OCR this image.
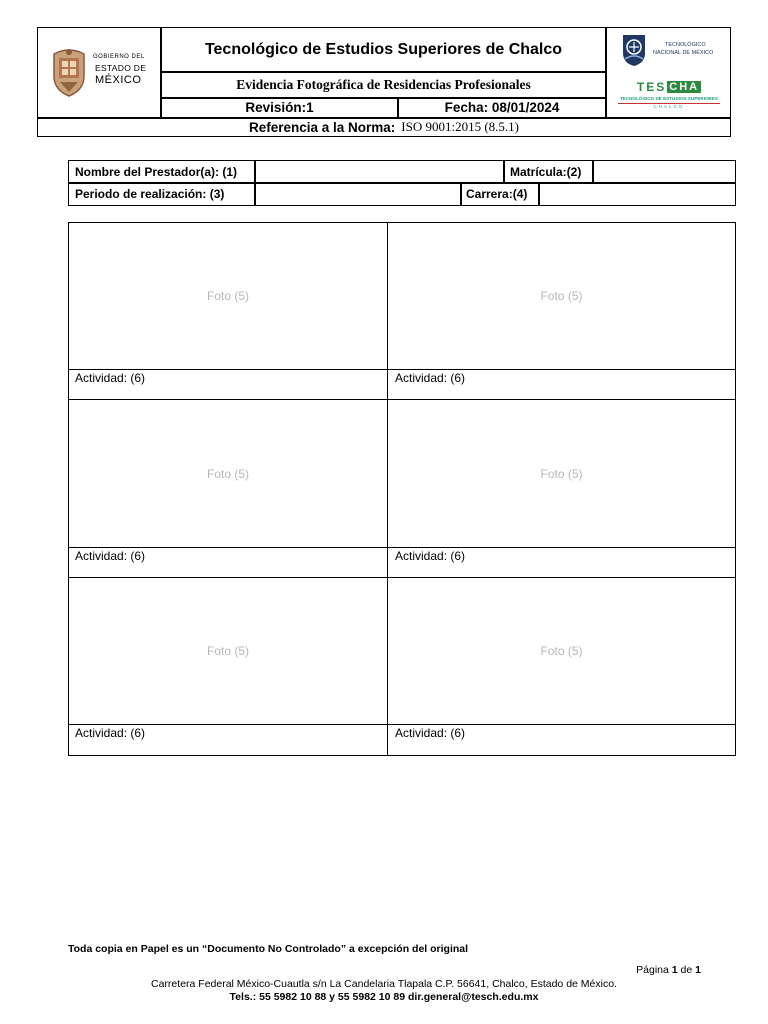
GOBIERNO DEL
ESTADO DE
MÉXICO
Tecnológico de Estudios Superiores de Chalco
Evidencia Fotográfica de Residencias Profesionales
Revisión:1	Fecha: 08/01/2024
Referencia a la Norma: ISO 9001:2015 (8.5.1)
TECNOLÓGICO
NACIONAL DE MÉXICO
TES CHA
TECNOLÓGICO DE ESTUDIOS SUPERIORES
CHALCO
Nombre del Prestador(a): (1)	Matrícula:(2)
Periodo de realización: (3)	Carrera:(4)
Foto (5)	Foto (5)
Actividad: (6)	Actividad: (6)
Foto (5)	Foto (5)
Actividad: (6)	Actividad: (6)
Foto (5)	Foto (5)
Actividad: (6)	Actividad: (6)
Toda copia en Papel es un “Documento No Controlado” a excepción del original
Página 1 de 1
Carretera Federal México-Cuautla s/n La Candelaria Tlapala C.P. 56641, Chalco, Estado de México.
Tels.: 55 5982 10 88 y 55 5982 10 89 dir.general@tesch.edu.mx
